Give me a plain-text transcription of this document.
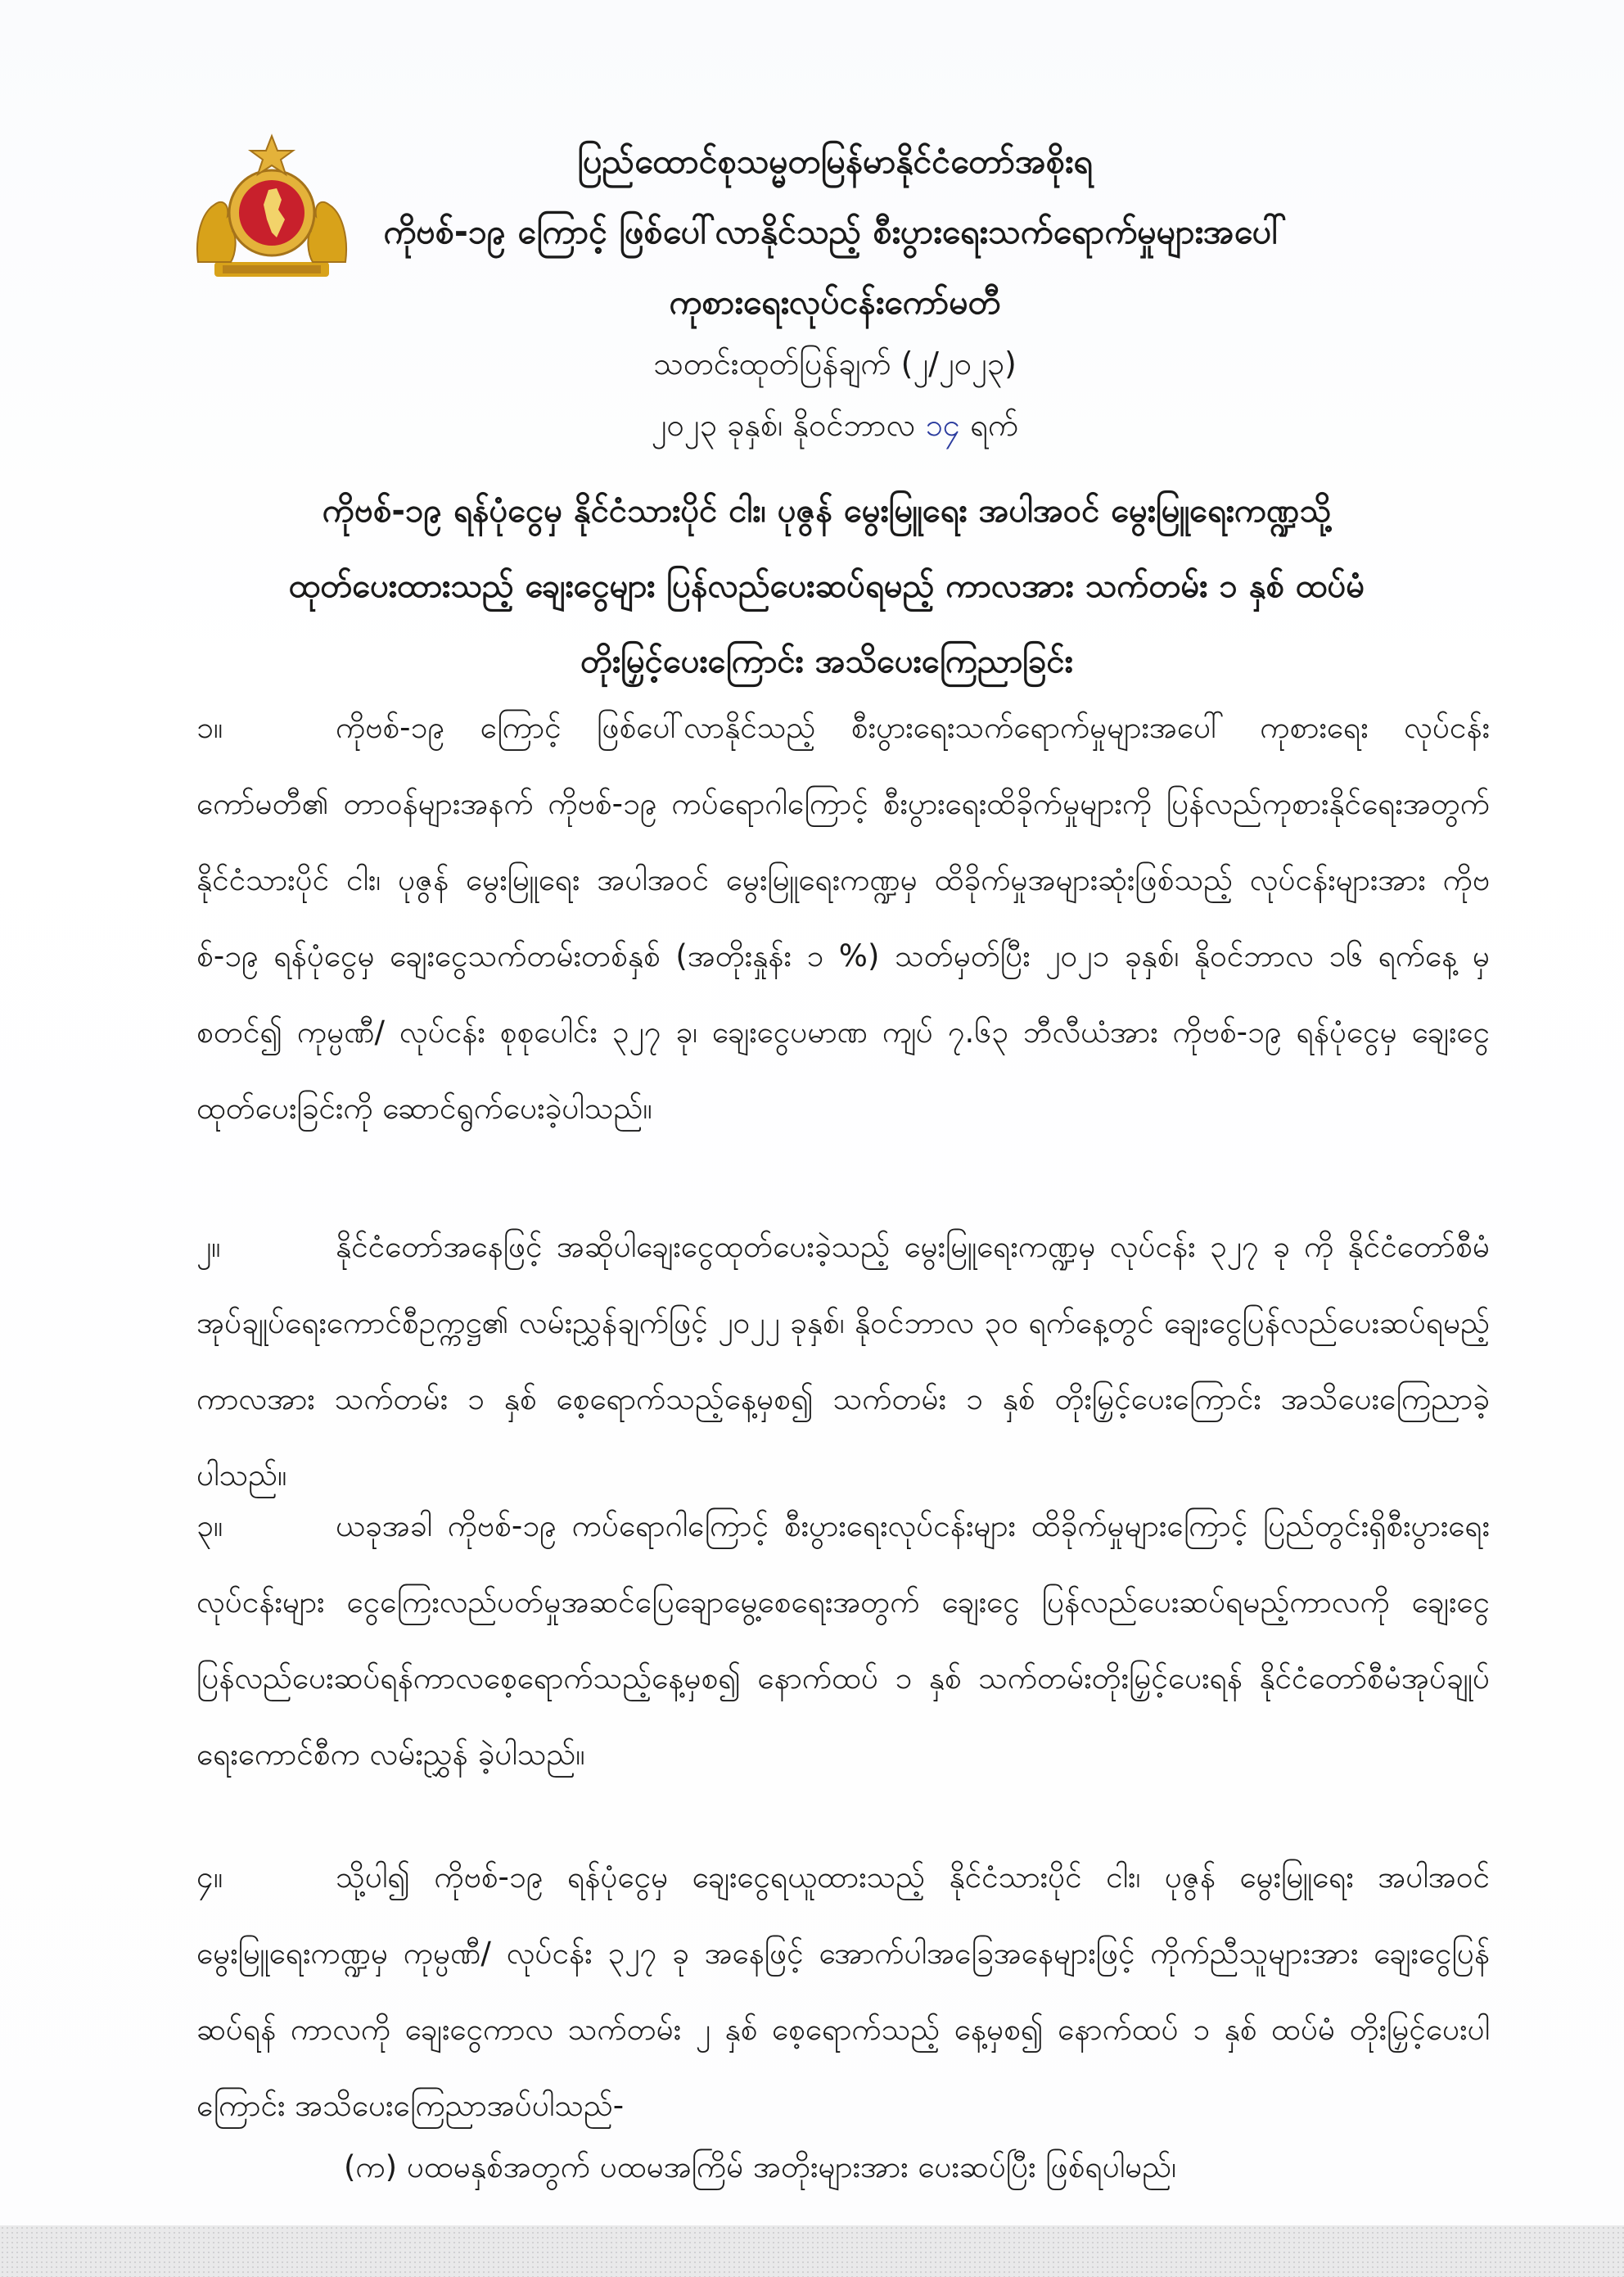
ပြည်ထောင်စုသမ္မတမြန်မာနိုင်ငံတော်အစိုးရ
ကိုဗစ်-၁၉ ကြောင့် ဖြစ်ပေါ်လာနိုင်သည့် စီးပွားရေးသက်ရောက်မှုများအပေါ်
ကုစားရေးလုပ်ငန်းကော်မတီ
သတင်းထုတ်ပြန်ချက် (၂/၂၀၂၃)
၂၀၂၃ ခုနှစ်၊ နိုဝင်ဘာလ ၁၄ ရက်
ကိုဗစ်-၁၉ ရန်ပုံငွေမှ နိုင်ငံသားပိုင် ငါး၊ ပုဇွန် မွေးမြူရေး အပါအဝင် မွေးမြူရေးကဏ္ဍသို့
ထုတ်ပေးထားသည့် ချေးငွေများ ပြန်လည်ပေးဆပ်ရမည့် ကာလအား သက်တမ်း ၁ နှစ် ထပ်မံ
တိုးမြှင့်ပေးကြောင်း အသိပေးကြေညာခြင်း
၁။	ကိုဗစ်-၁၉ ကြောင့် ဖြစ်ပေါ်လာနိုင်သည့် စီးပွားရေးသက်ရောက်မှုများအပေါ် ကုစားရေး လုပ်ငန်းကော်မတီ၏ တာဝန်များအနက် ကိုဗစ်-၁၉ ကပ်ရောဂါကြောင့် စီးပွားရေးထိခိုက်မှုများကို ပြန်လည်ကုစားနိုင်ရေးအတွက် နိုင်ငံသားပိုင် ငါး၊ ပုဇွန် မွေးမြူရေး အပါအဝင် မွေးမြူရေးကဏ္ဍမှ ထိခိုက်မှုအများဆုံးဖြစ်သည့် လုပ်ငန်းများအား ကိုဗစ်-၁၉ ရန်ပုံငွေမှ ချေးငွေသက်တမ်းတစ်နှစ် (အတိုးနှုန်း ၁ %) သတ်မှတ်ပြီး ၂၀၂၁ ခုနှစ်၊ နိုဝင်ဘာလ ၁၆ ရက်နေ့ မှစတင်၍ ကုမ္ပဏီ/ လုပ်ငန်း စုစုပေါင်း ၃၂၇ ခု၊ ချေးငွေပမာဏ ကျပ် ၇.၆၃ ဘီလီယံအား ကိုဗစ်-၁၉ ရန်ပုံငွေမှ ချေးငွေ ထုတ်ပေးခြင်းကို ဆောင်ရွက်ပေးခဲ့ပါသည်။
၂။	နိုင်ငံတော်အနေဖြင့် အဆိုပါချေးငွေထုတ်ပေးခဲ့သည့် မွေးမြူရေးကဏ္ဍမှ လုပ်ငန်း ၃၂၇ ခု ကို နိုင်ငံတော်စီမံအုပ်ချုပ်ရေးကောင်စီဥက္ကဋ္ဌ၏ လမ်းညွှန်ချက်ဖြင့် ၂၀၂၂ ခုနှစ်၊ နိုဝင်ဘာလ ၃၀ ရက်နေ့တွင် ချေးငွေပြန်လည်ပေးဆပ်ရမည့်ကာလအား သက်တမ်း ၁ နှစ် စေ့ရောက်သည့်နေ့မှစ၍ သက်တမ်း ၁ နှစ် တိုးမြှင့်ပေးကြောင်း အသိပေးကြေညာခဲ့ပါသည်။
၃။	ယခုအခါ ကိုဗစ်-၁၉ ကပ်ရောဂါကြောင့် စီးပွားရေးလုပ်ငန်းများ ထိခိုက်မှုများကြောင့် ပြည်တွင်းရှိစီးပွားရေးလုပ်ငန်းများ ငွေကြေးလည်ပတ်မှုအဆင်ပြေချောမွေ့စေရေးအတွက် ချေးငွေ ပြန်လည်ပေးဆပ်ရမည့်ကာလကို ချေးငွေပြန်လည်ပေးဆပ်ရန်ကာလစေ့ရောက်သည့်နေ့မှစ၍ နောက်ထပ် ၁ နှစ် သက်တမ်းတိုးမြှင့်ပေးရန် နိုင်ငံတော်စီမံအုပ်ချုပ်ရေးကောင်စီက လမ်းညွှန် ခဲ့ပါသည်။
၄။	သို့ပါ၍ ကိုဗစ်-၁၉ ရန်ပုံငွေမှ ချေးငွေရယူထားသည့် နိုင်ငံသားပိုင် ငါး၊ ပုဇွန် မွေးမြူရေး အပါအဝင် မွေးမြူရေးကဏ္ဍမှ ကုမ္ပဏီ/ လုပ်ငန်း ၃၂၇ ခု အနေဖြင့် အောက်ပါအခြေအနေများဖြင့် ကိုက်ညီသူများအား ချေးငွေပြန်ဆပ်ရန် ကာလကို ချေးငွေကာလ သက်တမ်း ၂ နှစ် စေ့ရောက်သည့် နေ့မှစ၍ နောက်ထပ် ၁ နှစ် ထပ်မံ တိုးမြှင့်ပေးပါကြောင်း အသိပေးကြေညာအပ်ပါသည်-
(က) ပထမနှစ်အတွက် ပထမအကြိမ် အတိုးများအား ပေးဆပ်ပြီး ဖြစ်ရပါမည်၊
